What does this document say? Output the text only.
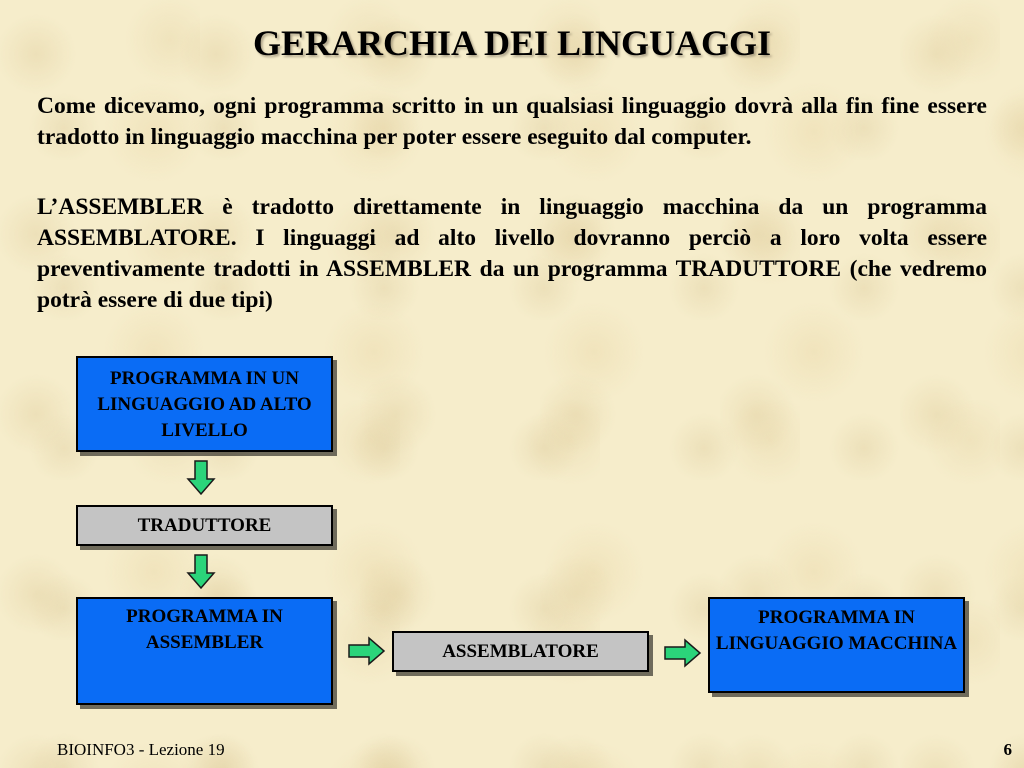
GERARCHIA DEI LINGUAGGI

Come dicevamo, ogni programma scritto in un qualsiasi linguaggio dovrà alla fin fine essere tradotto in linguaggio macchina per poter essere eseguito dal computer.

L’ASSEMBLER è tradotto direttamente in linguaggio macchina da un programma ASSEMBLATORE. I linguaggi ad alto livello dovranno perciò a loro volta essere preventivamente tradotti in ASSEMBLER da un programma TRADUTTORE (che vedremo potrà essere di due tipi)

PROGRAMMA IN UN LINGUAGGIO AD ALTO LIVELLO
TRADUTTORE
PROGRAMMA IN ASSEMBLER	ASSEMBLATORE
PROGRAMMA IN LINGUAGGIO MACCHINA
BIOINFO3 - Lezione 19	6
